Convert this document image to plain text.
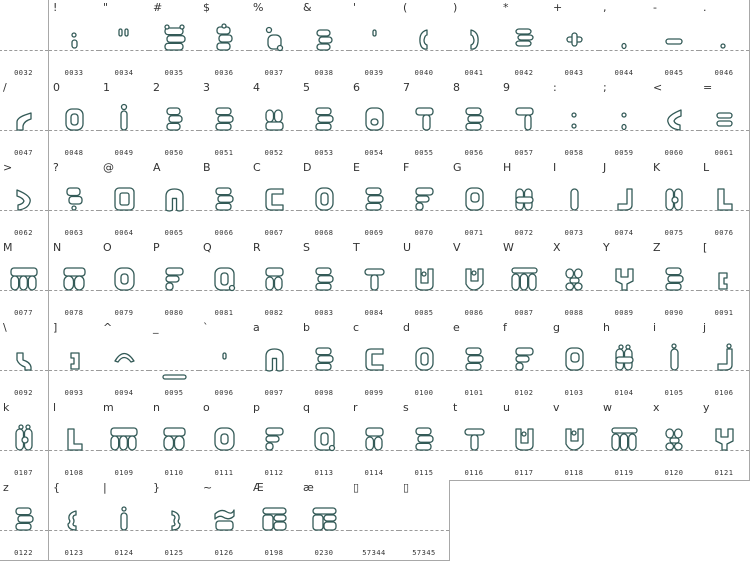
0032
!
0033
"
0034
#
0035
$
0036
%
0037
&
0038
'
0039
(
0040
)
0041
*
0042
+
0043
,
0044
-
0045
.
0046
/
0047
0
0048
1
0049
2
0050
3
0051
4
0052
5
0053
6
0054
7
0055
8
0056
9
0057
:
0058
;
0059
<
0060
=
0061
>
0062
?
0063
@
0064
A
0065
B
0066
C
0067
D
0068
E
0069
F
0070
G
0071
H
0072
I
0073
J
0074
K
0075
L
0076
M
0077
N
0078
O
0079
P
0080
Q
0081
R
0082
S
0083
T
0084
U
0085
V
0086
W
0087
X
0088
Y
0089
Z
0090
[
0091
\
0092
]
0093
^
0094
_
0095
`
0096
a
0097
b
0098
c
0099
d
0100
e
0101
f
0102
g
0103
h
0104
i
0105
j
0106
k
0107
l
0108
m
0109
n
0110
o
0111
p
0112
q
0113
r
0114
s
0115
t
0116
u
0117
v
0118
w
0119
x
0120
y
0121
z
0122
{
0123
|
0124
}
0125
~
0126
Æ
0198
æ
0230
▯
57344
▯
57345
